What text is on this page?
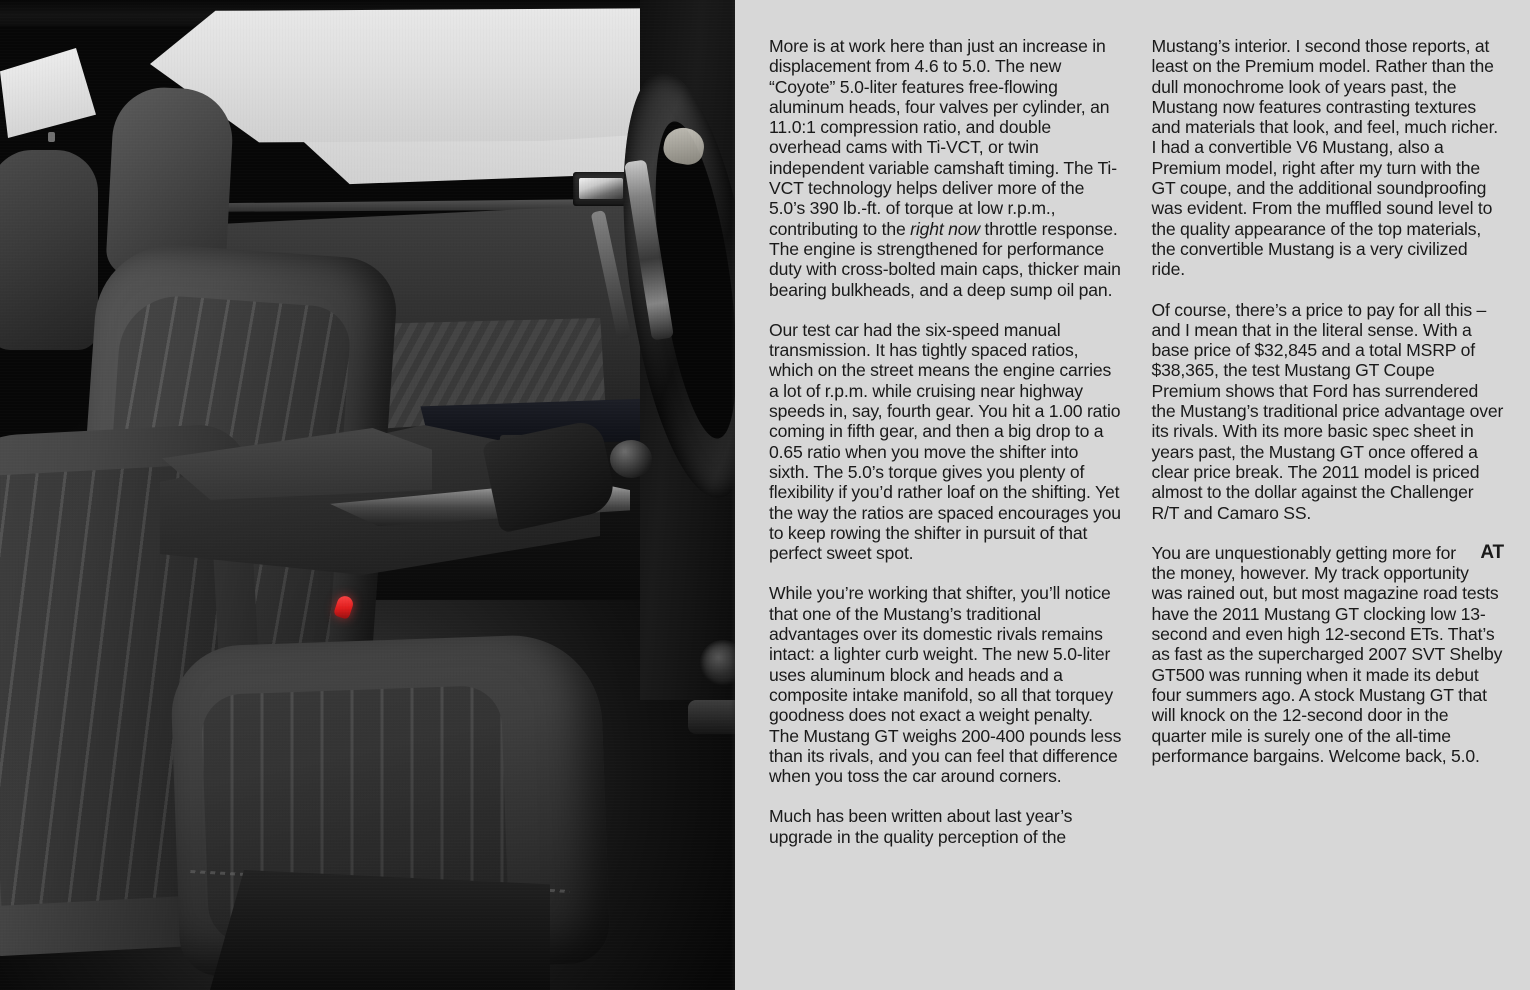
More is at work here than just an increase in displacement from 4.6 to 5.0. The new “Coyote” 5.0-liter features free-flowing aluminum heads, four valves per cylinder, an 11.0:1 compression ratio, and double overhead cams with Ti-VCT, or twin independent variable camshaft timing. The Ti-VCT technology helps deliver more of the 5.0’s 390 lb.-ft. of torque at low r.p.m., contributing to the right now throttle response. The engine is strengthened for performance duty with cross-bolted main caps, thicker main bearing bulkheads, and a deep sump oil pan.

Our test car had the six-speed manual transmission. It has tightly spaced ratios, which on the street means the engine carries a lot of r.p.m. while cruising near highway speeds in, say, fourth gear. You hit a 1.00 ratio coming in fifth gear, and then a big drop to a 0.65 ratio when you move the shifter into sixth. The 5.0’s torque gives you plenty of flexibility if you’d rather loaf on the shifting. Yet the way the ratios are spaced encourages you to keep rowing the shifter in pursuit of that perfect sweet spot.

While you’re working that shifter, you’ll notice that one of the Mustang’s traditional advantages over its domestic rivals remains intact: a lighter curb weight. The new 5.0-liter uses aluminum block and heads and a composite intake manifold, so all that torquey goodness does not exact a weight penalty. The Mustang GT weighs 200-400 pounds less than its rivals, and you can feel that difference when you toss the car around corners.

Much has been written about last year’s upgrade in the quality perception of the

Mustang’s interior. I second those reports, at least on the Premium model. Rather than the dull monochrome look of years past, the Mustang now features contrasting textures and materials that look, and feel, much richer. I had a convertible V6 Mustang, also a Premium model, right after my turn with the GT coupe, and the additional soundproofing was evident. From the muffled sound level to the quality appearance of the top materials, the convertible Mustang is a very civilized ride.

Of course, there’s a price to pay for all this – and I mean that in the literal sense. With a base price of $32,845 and a total MSRP of $38,365, the test Mustang GT Coupe Premium shows that Ford has surrendered the Mustang’s traditional price advantage over its rivals. With its more basic spec sheet in years past, the Mustang GT once offered a clear price break. The 2011 model is priced almost to the dollar against the Challenger R/T and Camaro SS.

AT
You are unquestionably getting more for the money, however. My track opportunity was rained out, but most magazine road tests have the 2011 Mustang GT clocking low 13-second and even high 12-second ETs. That’s as fast as the supercharged 2007 SVT Shelby GT500 was running when it made its debut four summers ago. A stock Mustang GT that will knock on the 12-second door in the quarter mile is surely one of the all-time performance bargains. Welcome back, 5.0.
